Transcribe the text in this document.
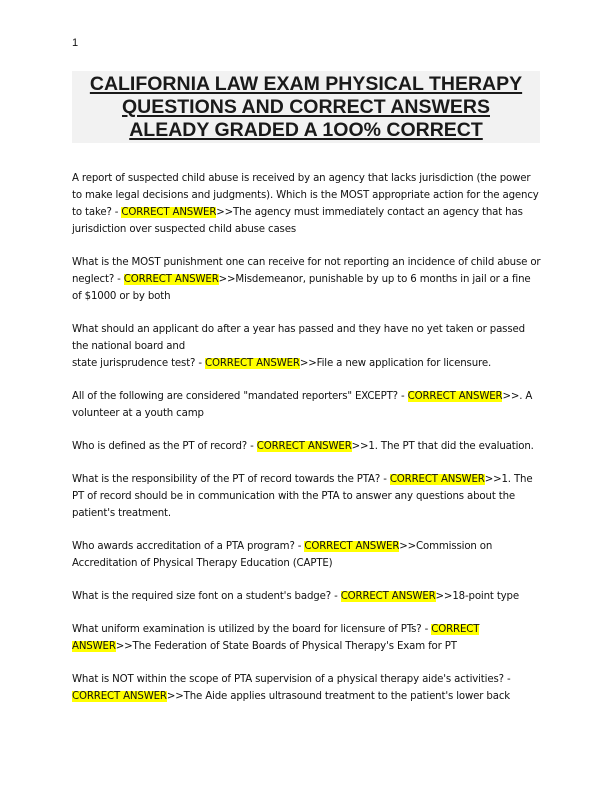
1
CALIFORNIA LAW EXAM PHYSICAL THERAPY
QUESTIONS AND CORRECT ANSWERS
ALEADY GRADED A 1OO% CORRECT

A report of suspected child abuse is received by an agency that lacks jurisdiction (the power to make legal decisions and judgments). Which is the MOST appropriate action for the agency to take? - CORRECT ANSWER>>The agency must immediately contact an agency that has jurisdiction over suspected child abuse cases

What is the MOST punishment one can receive for not reporting an incidence of child abuse or neglect? - CORRECT ANSWER>>Misdemeanor, punishable by up to 6 months in jail or a fine of $1000 or by both

What should an applicant do after a year has passed and they have no yet taken or passed the national board and
state jurisprudence test? - CORRECT ANSWER>>File a new application for licensure.

All of the following are considered "mandated reporters" EXCEPT? - CORRECT ANSWER>>. A volunteer at a youth camp

Who is defined as the PT of record? - CORRECT ANSWER>>1. The PT that did the evaluation.

What is the responsibility of the PT of record towards the PTA? - CORRECT ANSWER>>1. The PT of record should be in communication with the PTA to answer any questions about the patient's treatment.

Who awards accreditation of a PTA program? - CORRECT ANSWER>>Commission on Accreditation of Physical Therapy Education (CAPTE)

What is the required size font on a student's badge? - CORRECT ANSWER>>18-point type

What uniform examination is utilized by the board for licensure of PTs? - CORRECT ANSWER>>The Federation of State Boards of Physical Therapy's Exam for PT

What is NOT within the scope of PTA supervision of a physical therapy aide's activities? - CORRECT ANSWER>>The Aide applies ultrasound treatment to the patient's lower back
